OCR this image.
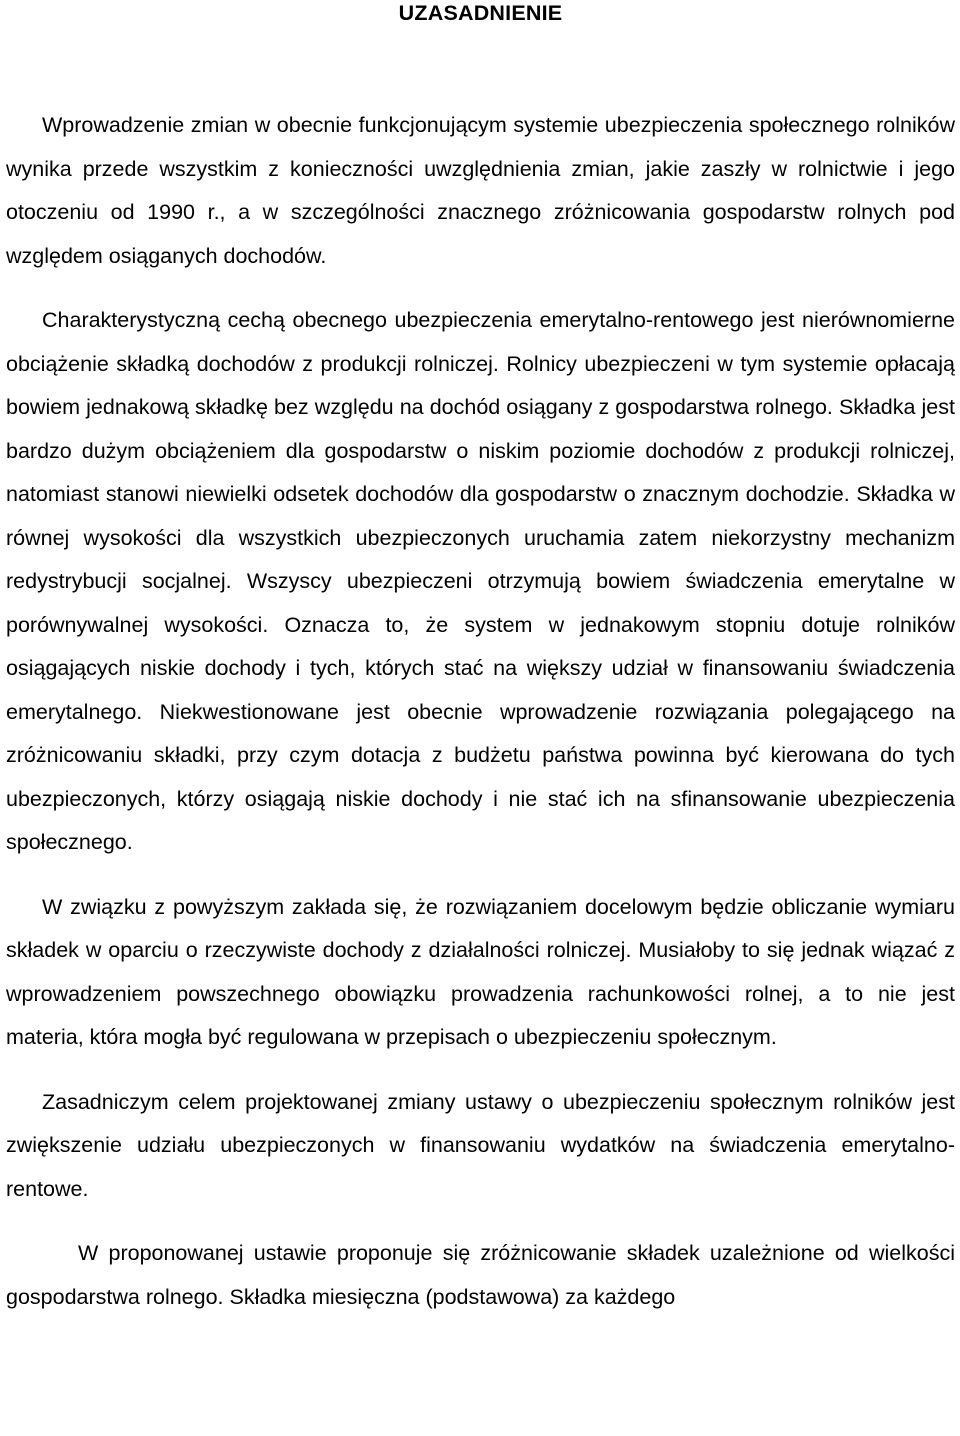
UZASADNIENIE

Wprowadzenie zmian w obecnie funkcjonującym systemie ubezpieczenia społecznego rolników wynika przede wszystkim z konieczności uwzględnienia zmian, jakie zaszły w rolnictwie i jego otoczeniu od 1990 r., a w szczególności znacznego zróżnicowania gospodarstw rolnych pod względem osiąganych dochodów.

Charakterystyczną cechą obecnego ubezpieczenia emerytalno-rentowego jest nierównomierne obciążenie składką dochodów z produkcji rolniczej. Rolnicy ubezpieczeni w tym systemie opłacają bowiem jednakową składkę bez względu na dochód osiągany z gospodarstwa rolnego. Składka jest bardzo dużym obciążeniem dla gospodarstw o niskim poziomie dochodów z produkcji rolniczej, natomiast stanowi niewielki odsetek dochodów dla gospodarstw o znacznym dochodzie. Składka w równej wysokości dla wszystkich ubezpieczonych uruchamia zatem niekorzystny mechanizm redystrybucji socjalnej. Wszyscy ubezpieczeni otrzymują bowiem świadczenia emerytalne w porównywalnej wysokości. Oznacza to, że system w jednakowym stopniu dotuje rolników osiągających niskie dochody i tych, których stać na większy udział w finansowaniu świadczenia emerytalnego. Niekwestionowane jest obecnie wprowadzenie rozwiązania polegającego na zróżnicowaniu składki, przy czym dotacja z budżetu państwa powinna być kierowana do tych ubezpieczonych, którzy osiągają niskie dochody i nie stać ich na sfinansowanie ubezpieczenia społecznego.

W związku z powyższym zakłada się, że rozwiązaniem docelowym będzie obliczanie wymiaru składek w oparciu o rzeczywiste dochody z działalności rolniczej. Musiałoby to się jednak wiązać z wprowadzeniem powszechnego obowiązku prowadzenia rachunkowości rolnej, a to nie jest materia, która mogła być regulowana w przepisach o ubezpieczeniu społecznym.

Zasadniczym celem projektowanej zmiany ustawy o ubezpieczeniu społecznym rolników jest zwiększenie udziału ubezpieczonych w finansowaniu wydatków na świadczenia emerytalno-rentowe.

W proponowanej ustawie proponuje się zróżnicowanie składek uzależnione od wielkości gospodarstwa rolnego. Składka miesięczna (podstawowa) za każdego
